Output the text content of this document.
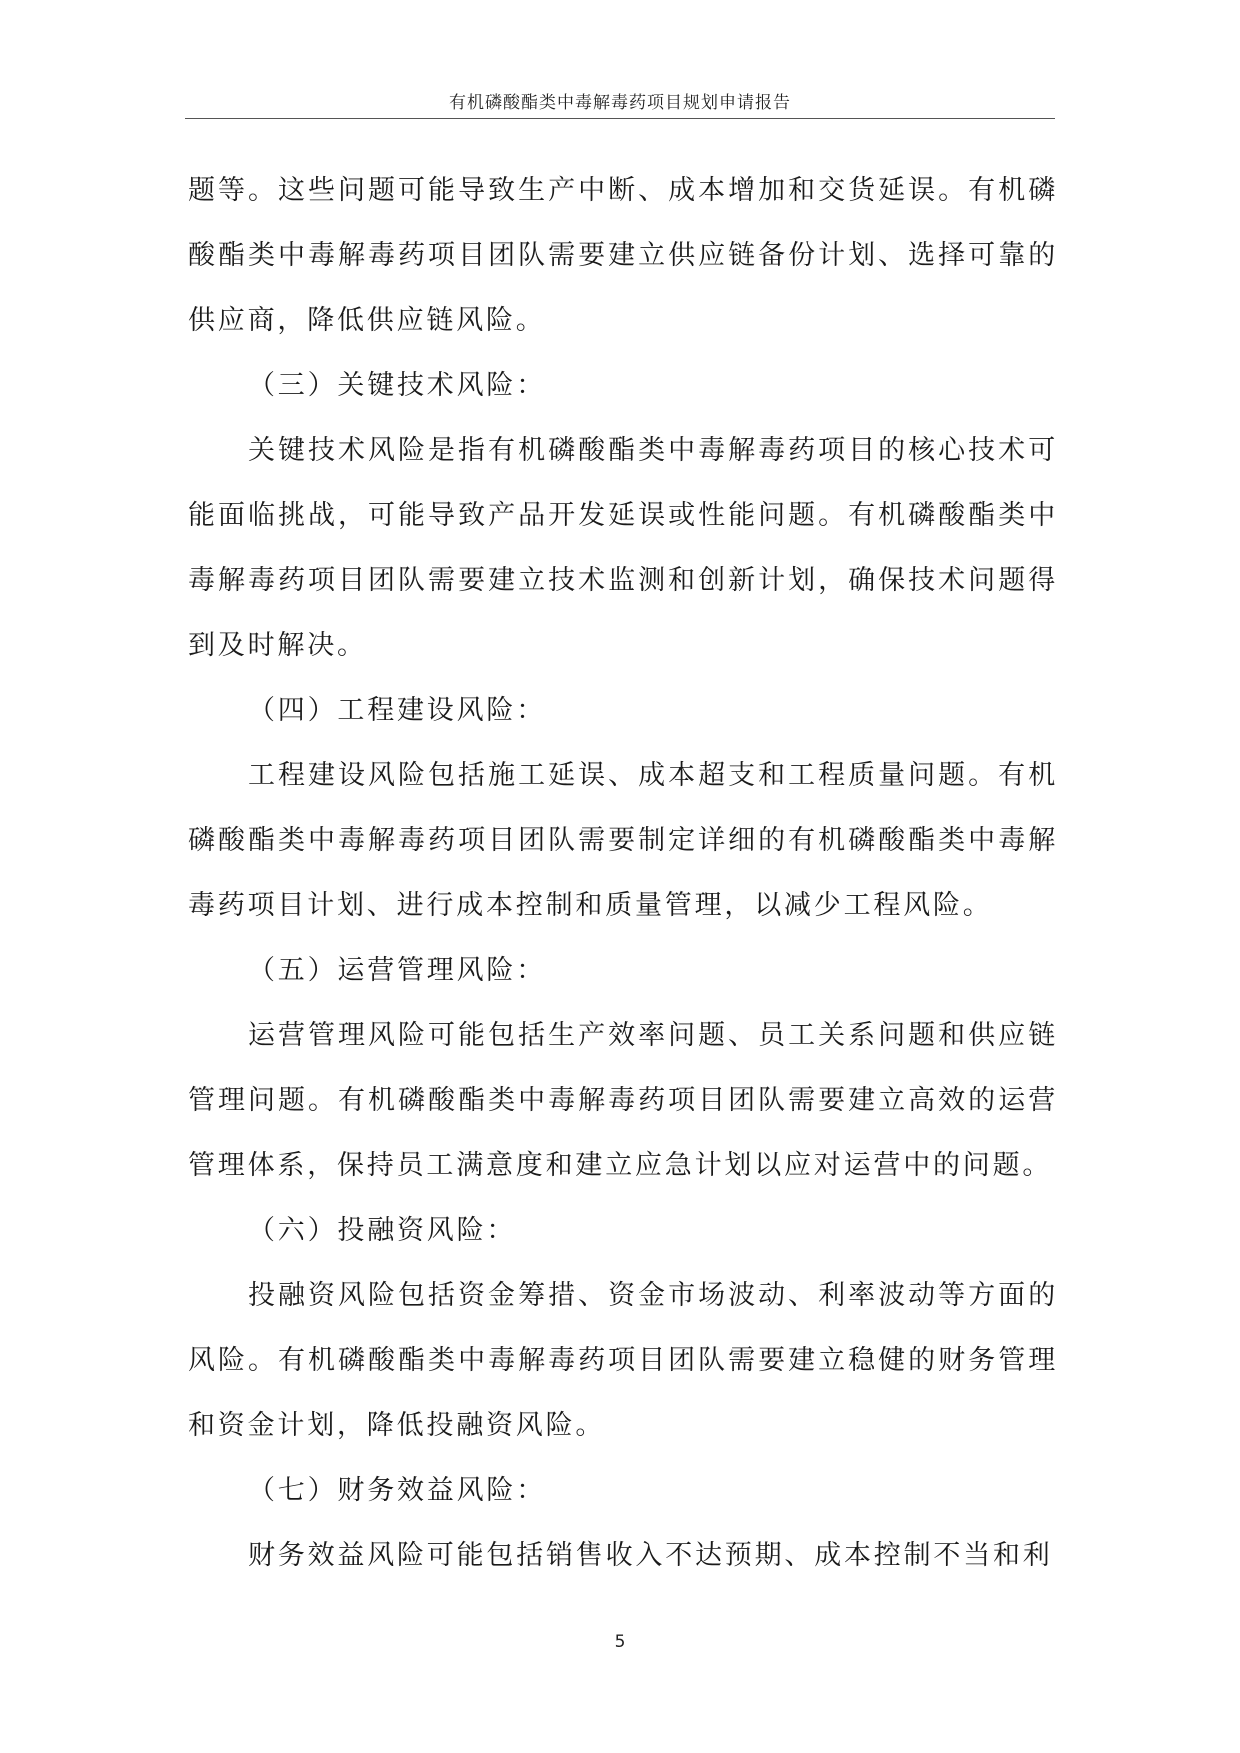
有机磷酸酯类中毒解毒药项目规划申请报告

题等。这些问题可能导致生产中断、成本增加和交货延误。有机磷酸酯类中毒解毒药项目团队需要建立供应链备份计划、选择可靠的供应商，降低供应链风险。

（三）关键技术风险：

关键技术风险是指有机磷酸酯类中毒解毒药项目的核心技术可能面临挑战，可能导致产品开发延误或性能问题。有机磷酸酯类中毒解毒药项目团队需要建立技术监测和创新计划，确保技术问题得到及时解决。

（四）工程建设风险：

工程建设风险包括施工延误、成本超支和工程质量问题。有机磷酸酯类中毒解毒药项目团队需要制定详细的有机磷酸酯类中毒解毒药项目计划、进行成本控制和质量管理，以减少工程风险。

（五）运营管理风险：

运营管理风险可能包括生产效率问题、员工关系问题和供应链管理问题。有机磷酸酯类中毒解毒药项目团队需要建立高效的运营管理体系，保持员工满意度和建立应急计划以应对运营中的问题。

（六）投融资风险：

投融资风险包括资金筹措、资金市场波动、利率波动等方面的风险。有机磷酸酯类中毒解毒药项目团队需要建立稳健的财务管理和资金计划，降低投融资风险。

（七）财务效益风险：

财务效益风险可能包括销售收入不达预期、成本控制不当和利

5
